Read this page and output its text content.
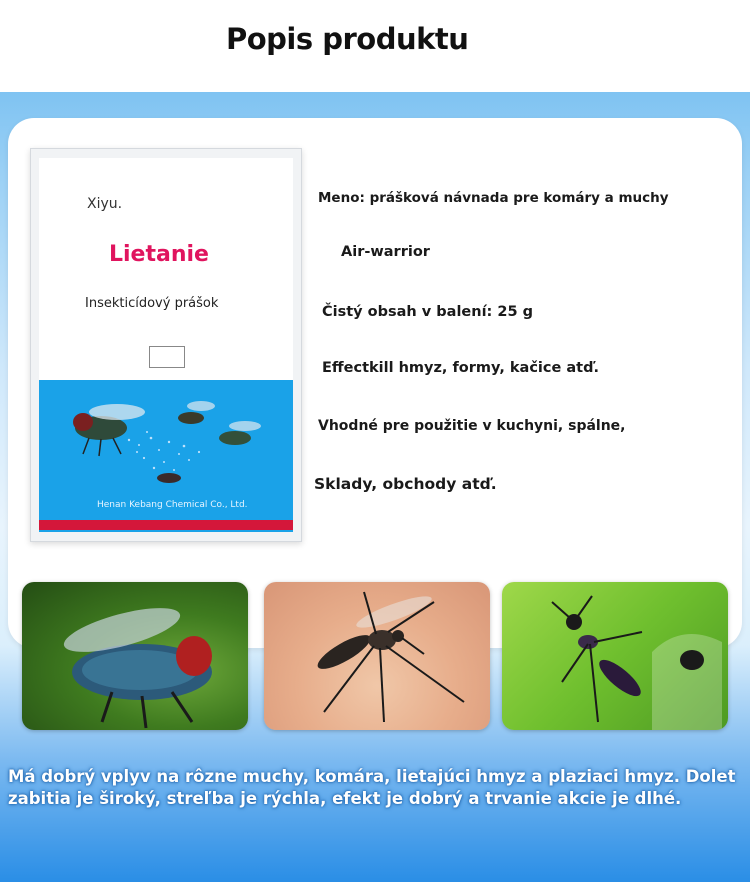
Popis produktu
Xiyu.

Lietanie
Insekticídový prášok
Henan Kebang Chemical Co., Ltd.
Meno: prášková návnada pre komáry a muchy
Air-warrior
Čistý obsah v balení: 25 g
Effectkill hmyz, formy, kačice atď.
Vhodné pre použitie v kuchyni, spálne,
Sklady, obchody atď.
Má dobrý vplyv na rôzne muchy, komára, lietajúci hmyz a plaziaci hmyz. Dolet zabitia je široký, streľba je rýchla, efekt je dobrý a trvanie akcie je dlhé.
